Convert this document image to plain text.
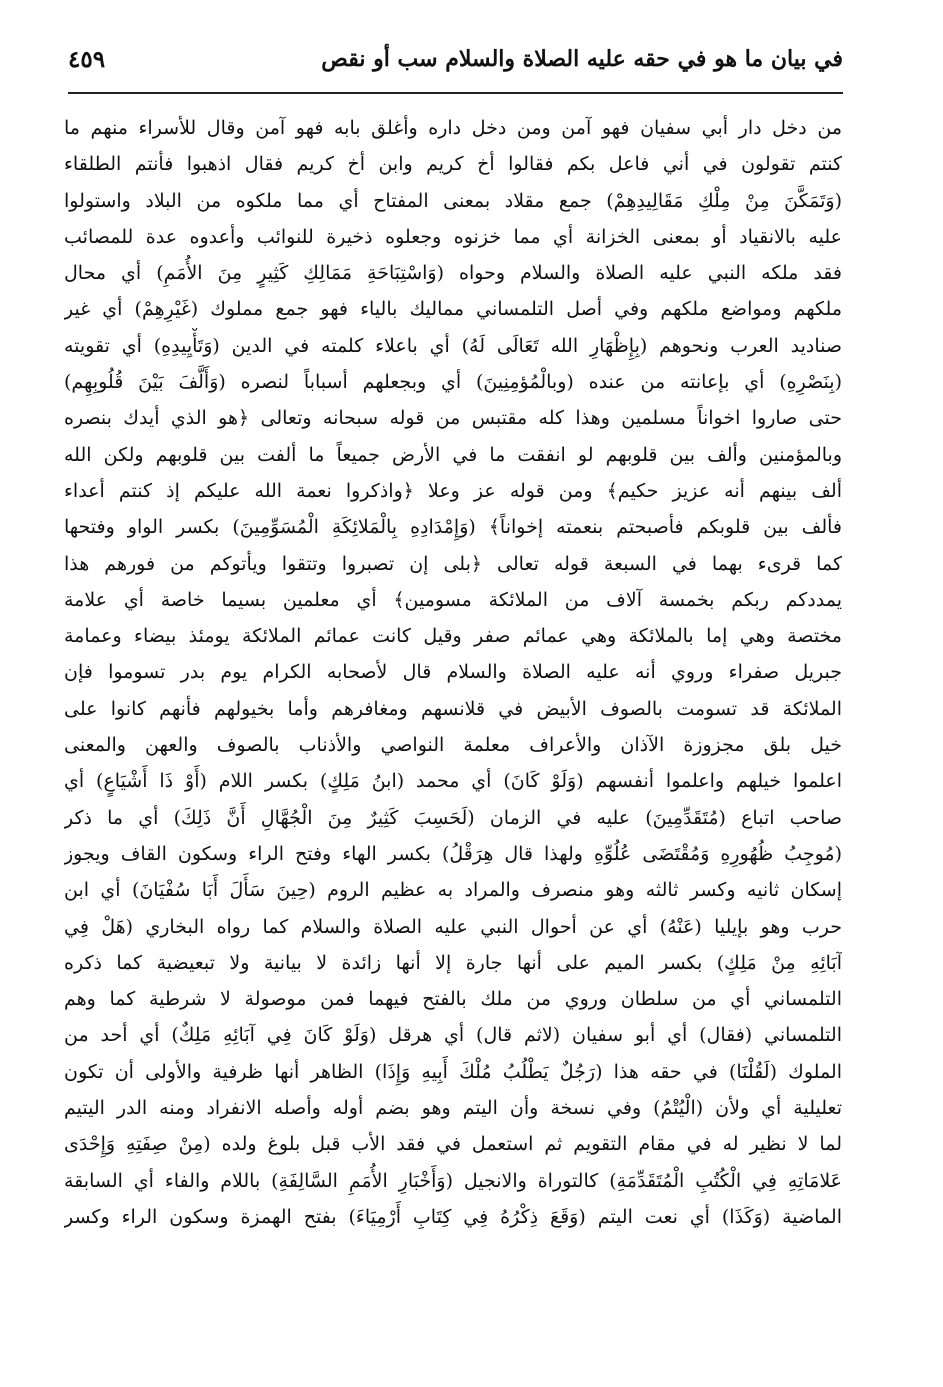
في بيان ما هو في حقه عليه الصلاة والسلام سب أو نقص
٤٥٩
من دخل دار أبي سفيان فهو آمن ومن دخل داره وأغلق بابه فهو آمن وقال للأسراء منهم ما
كنتم تقولون في أني فاعل بكم فقالوا أخ كريم وابن أخ كريم فقال اذهبوا فأنتم الطلقاء
(وَتَمَكَّنَ مِنْ مِلْكِ مَقَالِيدِهِمْ) جمع مقلاد بمعنى المفتاح أي مما ملكوه من البلاد واستولوا
عليه بالانقياد أو بمعنى الخزانة أي مما خزنوه وجعلوه ذخيرة للنوائب وأعدوه عدة للمصائب
فقد ملكه النبي عليه الصلاة والسلام وحواه (وَاسْتِبَاحَةِ مَمَالِكِ كَثِيرٍ مِنَ الأُمَمِ) أي محال
ملكهم ومواضع ملكهم وفي أصل التلمساني مماليك بالياء فهو جمع مملوك (غَيْرِهِمْ) أي غير
صناديد العرب ونحوهم (بِإِظْهَارِ الله تَعَالَى لَهُ) أي باعلاء كلمته في الدين (وَتَأْيِيدِهِ) أي تقويته
(بِنَصْرِهِ) أي بإعانته من عنده (وبالْمُؤمِنِينَ) أي وبجعلهم أسباباً لنصره (وَأَلَّفَ بَيْنَ قُلُوبِهِم)
حتى صاروا اخواناً مسلمين وهذا كله مقتبس من قوله سبحانه وتعالى ﴿هو الذي أيدك بنصره
وبالمؤمنين وألف بين قلوبهم لو انفقت ما في الأرض جميعاً ما ألفت بين قلوبهم ولكن الله
ألف بينهم أنه عزيز حكيم﴾ ومن قوله عز وعلا ﴿واذكروا نعمة الله عليكم إذ كنتم أعداء
فألف بين قلوبكم فأصبحتم بنعمته إخواناً﴾ (وَإِمْدَادِهِ بِالْمَلائِكَةِ الْمُسَوِّمِينَ) بكسر الواو وفتحها
كما قرىء بهما في السبعة قوله تعالى ﴿بلى إن تصبروا وتتقوا ويأتوكم من فورهم هذا
يمددكم ربكم بخمسة آلاف من الملائكة مسومين﴾ أي معلمين بسيما خاصة أي علامة
مختصة وهي إما بالملائكة وهي عمائم صفر وقيل كانت عمائم الملائكة يومئذ بيضاء وعمامة
جبريل صفراء وروي أنه عليه الصلاة والسلام قال لأصحابه الكرام يوم بدر تسوموا فإن
الملائكة قد تسومت بالصوف الأبيض في قلانسهم ومغافرهم وأما بخيولهم فأنهم كانوا على
خيل بلق مجزوزة الآذان والأعراف معلمة النواصي والأذناب بالصوف والعهن والمعنى
اعلموا خيلهم واعلموا أنفسهم (وَلَوْ كَانَ) أي محمد (ابنُ مَلِكٍ) بكسر اللام (أَوْ ذَا أَشْيَاعٍ) أي
صاحب اتباع (مُتَقَدِّمِينَ) عليه في الزمان (لَحَسِبَ كَثِيرٌ مِنَ الْجُهَّالِ أَنَّ ذَلِكَ) أي ما ذكر
(مُوجِبُ ظُهُورِهِ وَمُقْتَضَى عُلُوِّهِ ولهذا قال هِرَقْلُ) بكسر الهاء وفتح الراء وسكون القاف ويجوز
إسكان ثانيه وكسر ثالثه وهو منصرف والمراد به عظيم الروم (حِينَ سَأَلَ أَبَا سُفْيَانَ) أي ابن
حرب وهو بإيليا (عَنْهُ) أي عن أحوال النبي عليه الصلاة والسلام كما رواه البخاري (هَلْ فِي
آبَائِهِ مِنْ مَلِكٍ) بكسر الميم على أنها جارة إلا أنها زائدة لا بيانية ولا تبعيضية كما ذكره
التلمساني أي من سلطان وروي من ملك بالفتح فيهما فمن موصولة لا شرطية كما وهم
التلمساني (فقال) أي أبو سفيان (لاثم قال) أي هرقل (وَلَوْ كَانَ فِي آبَائِهِ مَلِكٌ) أي أحد من
الملوك (لَقُلْنَا) في حقه هذا (رَجُلٌ يَطْلُبُ مُلْكَ أَبِيهِ وَإِذَا) الظاهر أنها ظرفية والأولى أن تكون
تعليلية أي ولأن (الْيُتْمُ) وفي نسخة وأن اليتم وهو بضم أوله وأصله الانفراد ومنه الدر اليتيم
لما لا نظير له في مقام التقويم ثم استعمل في فقد الأب قبل بلوغ ولده (مِنْ صِفَتِهِ وَإِحْدَى
عَلامَاتِهِ فِي الْكُتُبِ الْمُتَقَدِّمَةِ) كالتوراة والانجيل (وَأَخْبَارِ الأُمَمِ السَّالِفَةِ) باللام والفاء أي السابقة
الماضية (وَكَذَا) أي نعت اليتم (وَقَعَ ذِكْرُهُ فِي كِتَابِ أَرْمِيَاءَ) بفتح الهمزة وسكون الراء وكسر
